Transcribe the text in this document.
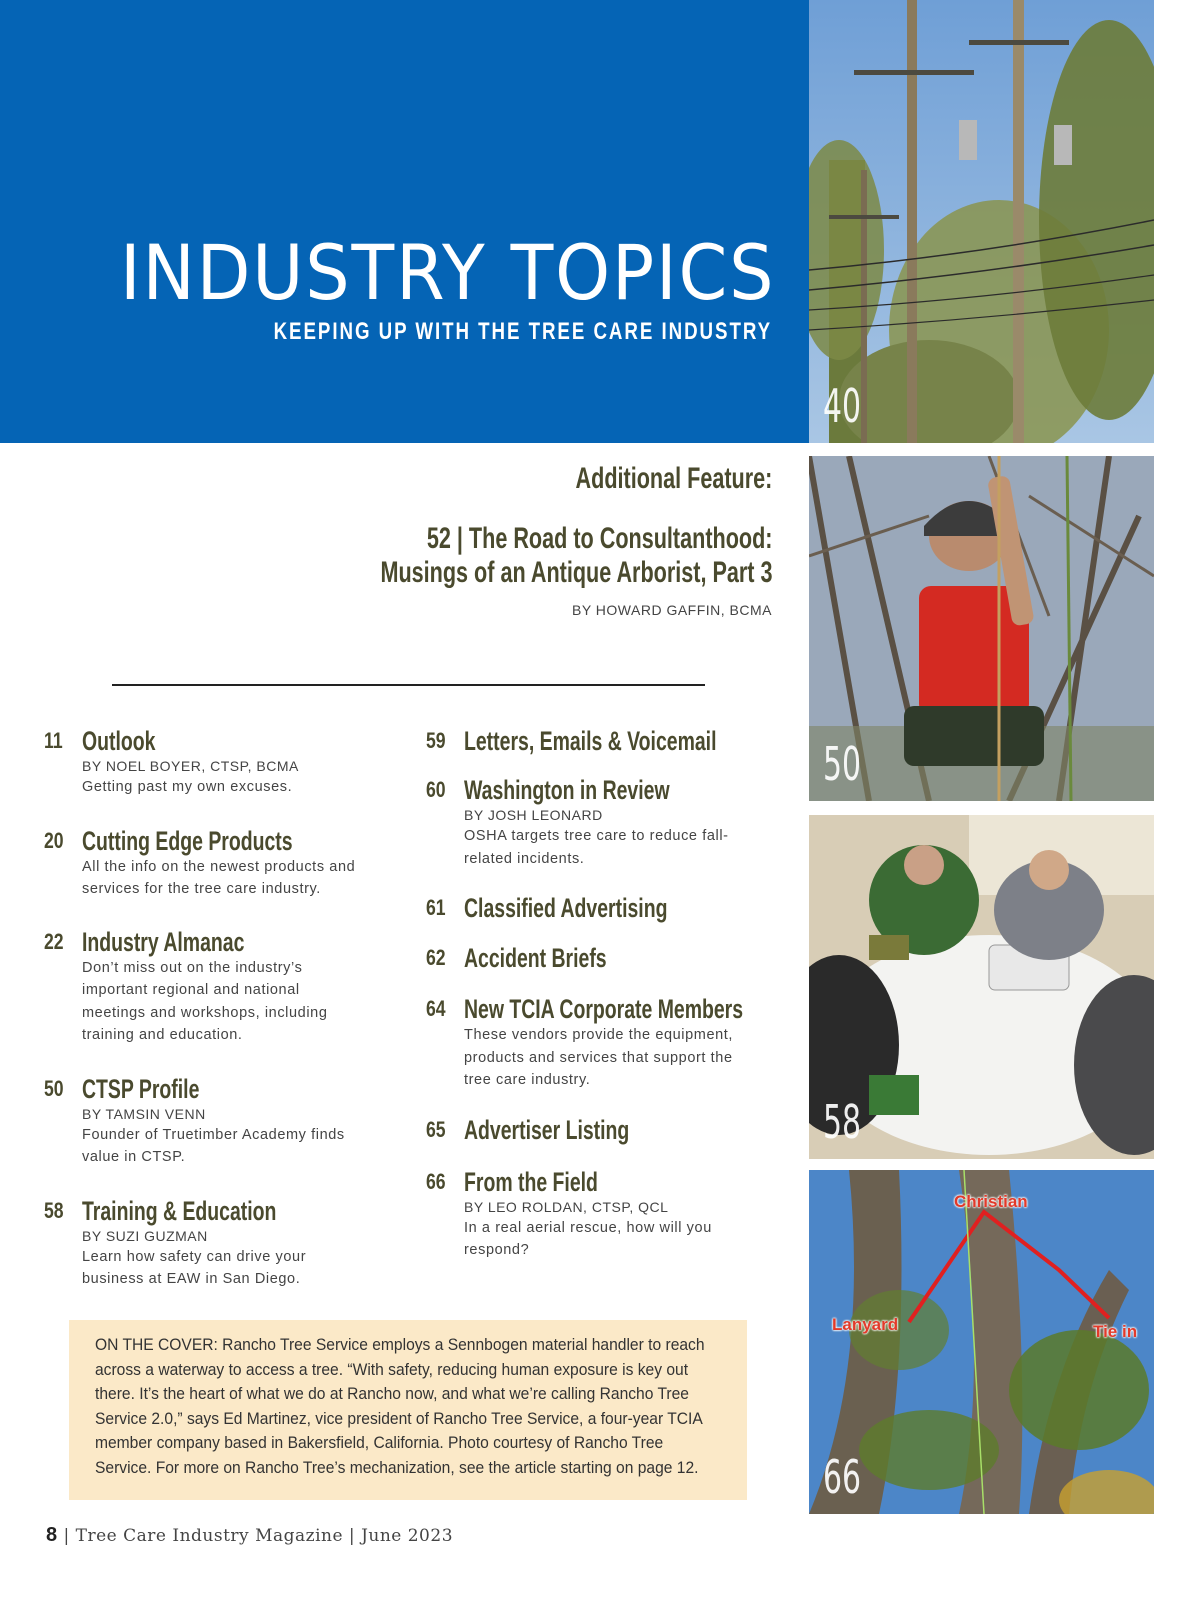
INDUSTRY TOPICS
KEEPING UP WITH THE TREE CARE INDUSTRY
40
50
58
Christian
Lanyard	Tie in
66
Additional Feature:
52 | The Road to Consultanthood:
Musings of an Antique Arborist, Part 3
BY HOWARD GAFFIN, BCMA
11 Outlook
BY NOEL BOYER, CTSP, BCMA
Getting past my own excuses.
20 Cutting Edge Products
All the info on the newest products and services for the tree care industry.
22 Industry Almanac
Don’t miss out on the industry’s important regional and national meetings and workshops, including training and education.
50 CTSP Profile
BY TAMSIN VENN
Founder of Truetimber Academy finds value in CTSP.
58 Training & Education
BY SUZI GUZMAN
Learn how safety can drive your business at EAW in San Diego.
59 Letters, Emails & Voicemail
60 Washington in Review
BY JOSH LEONARD
OSHA targets tree care to reduce fall-related incidents.
61 Classified Advertising
62 Accident Briefs
64 New TCIA Corporate Members
These vendors provide the equipment, products and services that support the tree care industry.
65 Advertiser Listing
66 From the Field
BY LEO ROLDAN, CTSP, QCL
In a real aerial rescue, how will you respond?
ON THE COVER: Rancho Tree Service employs a Sennbogen material handler to reach across a waterway to access a tree. “With safety, reducing human exposure is key out there. It’s the heart of what we do at Rancho now, and what we’re calling Rancho Tree Service 2.0,” says Ed Martinez, vice president of Rancho Tree Service, a four-year TCIA member company based in Bakersfield, California. Photo courtesy of Rancho Tree Service. For more on Rancho Tree’s mechanization, see the article starting on page 12.
8 | Tree Care Industry Magazine | June 2023
